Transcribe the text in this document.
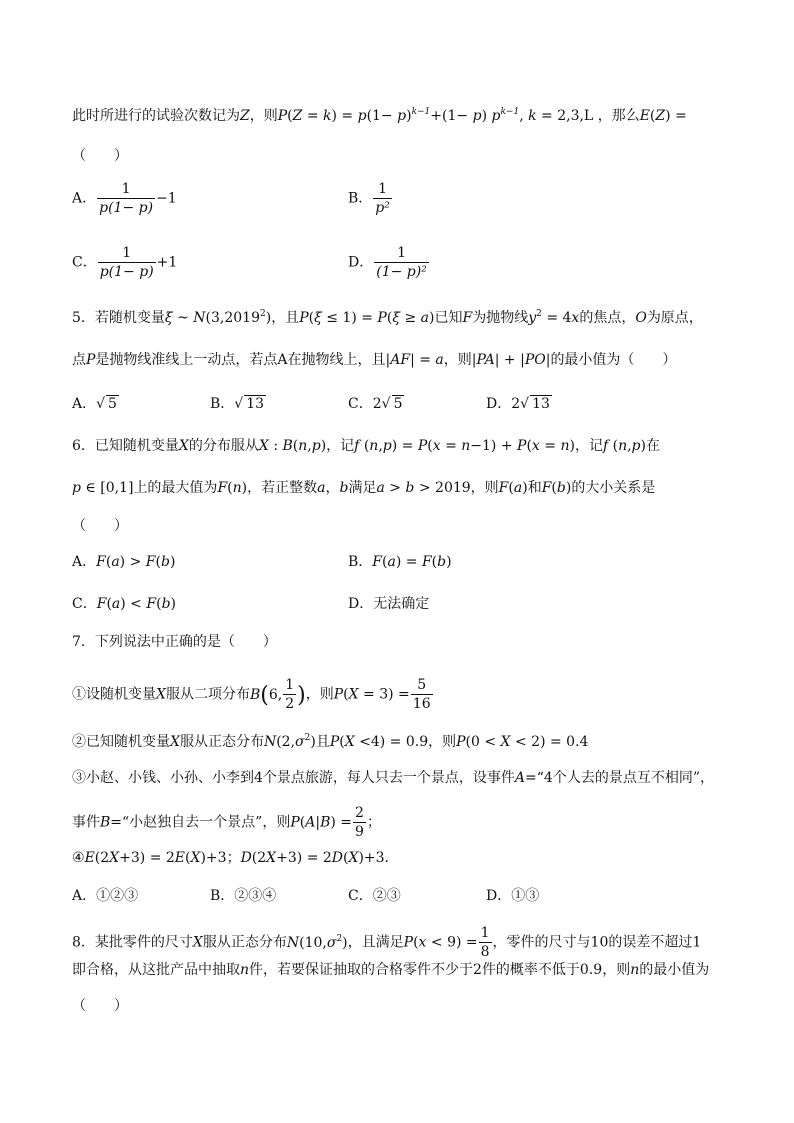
此时所进行的试验次数记为Z，则$P(Z = k) = p(1- p)^{k-1}+(1- p)$ $p^{k-1}$, k = 2,3,L ，那么E(Z) =
（　　）
A． $\frac{1}{p(1- p)} -1$	B． $\frac{1}{\text{p²}}$
C． $\frac{1}{p(1- p)} +1$	D． $\frac{1}{\text{(1− p)²}}$
5．若随机变量ξ ~ N(3,2019$^2$)，且P(ξ ≤ 1) = P(ξ ≥ a)已知F为抛物线$y^2 = 4x$的焦点，O为原点，
点P是抛物线准线上一动点，若点A在抛物线上，且|AF| = a，则|PA| + |PO|的最小值为（　　）
A．√ 5	B．√ 13	C．2√ 5	D．2√ 13
6．已知随机变量X的分布服从X : B(n,p)，记f (n,p) = P(x = n−1) + P(x = n)，记f (n,p)在
p ∈ [0,1]上的最大值为F(n)，若正整数a，b满足a > b > 2019，则F(a)和F(b)的大小关系是
（　　）
A．F(a) > F(b)	B．F(a) = F(b)
C．F(a) < F(b)	D．无法确定
7．下列说法中正确的是（　　）
①设随机变量X服从二项分布B(6, $\frac{1}{2}$ )，则$P(X = 3) = \frac{5}{16}$
②已知随机变量X服从正态分布$N(2,\sigma^2)$且P(X <4) = 0.9，则P(0 < X < 2) = 0.4
③小赵、小钱、小孙、小李到4个景点旅游，每人只去一个景点，设事件A=“4个人去的景点互不相同”，
事件B=“小赵独自去一个景点”，则$P(A|B) = \frac{2}{9}$ ；
④E(2X+3) = 2E(X)+3；D(2X+3) = 2D(X)+3.
A．①②③	B．②③④	C．②③	D．①③
8．某批零件的尺寸X服从正态分布$N(10,\sigma^2)$，且满足$P(x < 9) = \frac{1}{8}$ ，零件的尺寸与10的误差不超过1
即合格，从这批产品中抽取n件，若要保证抽取的合格零件不少于2件的概率不低于0.9，则n的最小值为
（　　）
